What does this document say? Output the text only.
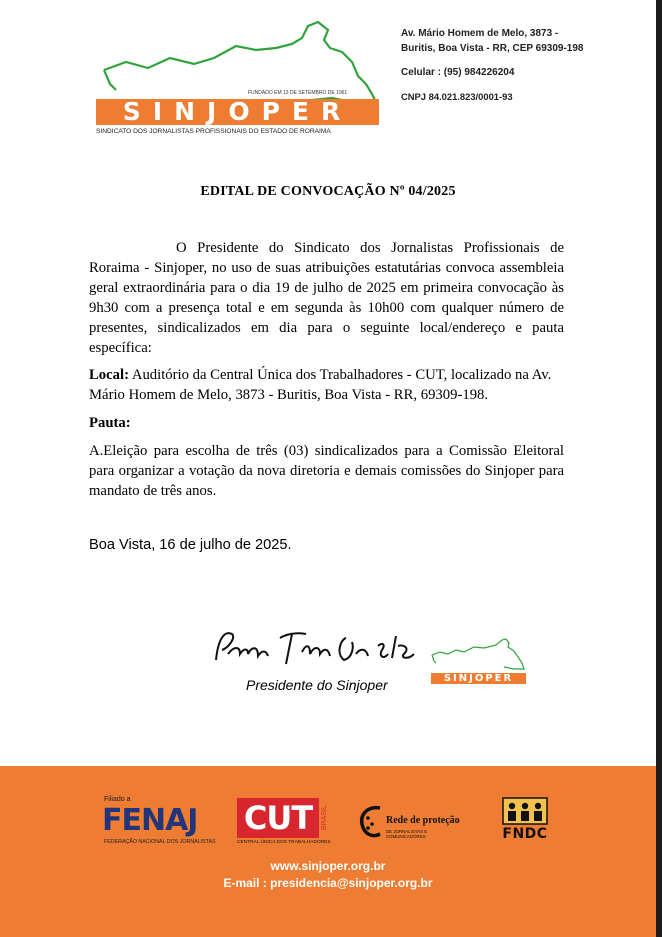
FUNDADO EM 13 DE SETEMBRO DE 1961
SINJOPER
SINDICATO DOS JORNALISTAS PROFISSIONAIS DO ESTADO DE RORAIMA
Av. Mário Homem de Melo, 3873 -
Buritis, Boa Vista - RR, CEP 69309-198
Celular : (95) 984226204
CNPJ 84.021.823/0001-93
EDITAL DE CONVOCAÇÃO Nº 04/2025
O Presidente do Sindicato dos Jornalistas Profissionais de Roraima - Sinjoper, no uso de suas atribuições estatutárias convoca assembleia geral extraordinária para o dia 19 de julho de 2025 em primeira convocação às 9h30 com a presença total e em segunda às 10h00 com qualquer número de presentes, sindicalizados em dia para o seguinte local/endereço e pauta específica:
Local: Auditório da Central Única dos Trabalhadores - CUT, localizado na Av. Mário Homem de Melo, 3873 - Buritis, Boa Vista - RR, 69309-198.
Pauta:
A.Eleição para escolha de três (03) sindicalizados para a Comissão Eleitoral para organizar a votação da nova diretoria e demais comissões do Sinjoper para mandato de três anos.
Boa Vista, 16 de julho de 2025.
Presidente do Sinjoper	SINJOPER
Filiado a
FENAJ
FEDERAÇÃO NACIONAL DOS JORNALISTAS
CUT	BRASIL
CENTRAL ÚNICA DOS TRABALHADORES
Rede de proteção
DE JORNALISTAS E COMUNICADORES	FNDC
www.sinjoper.org.br
E-mail : presidencia@sinjoper.org.br
